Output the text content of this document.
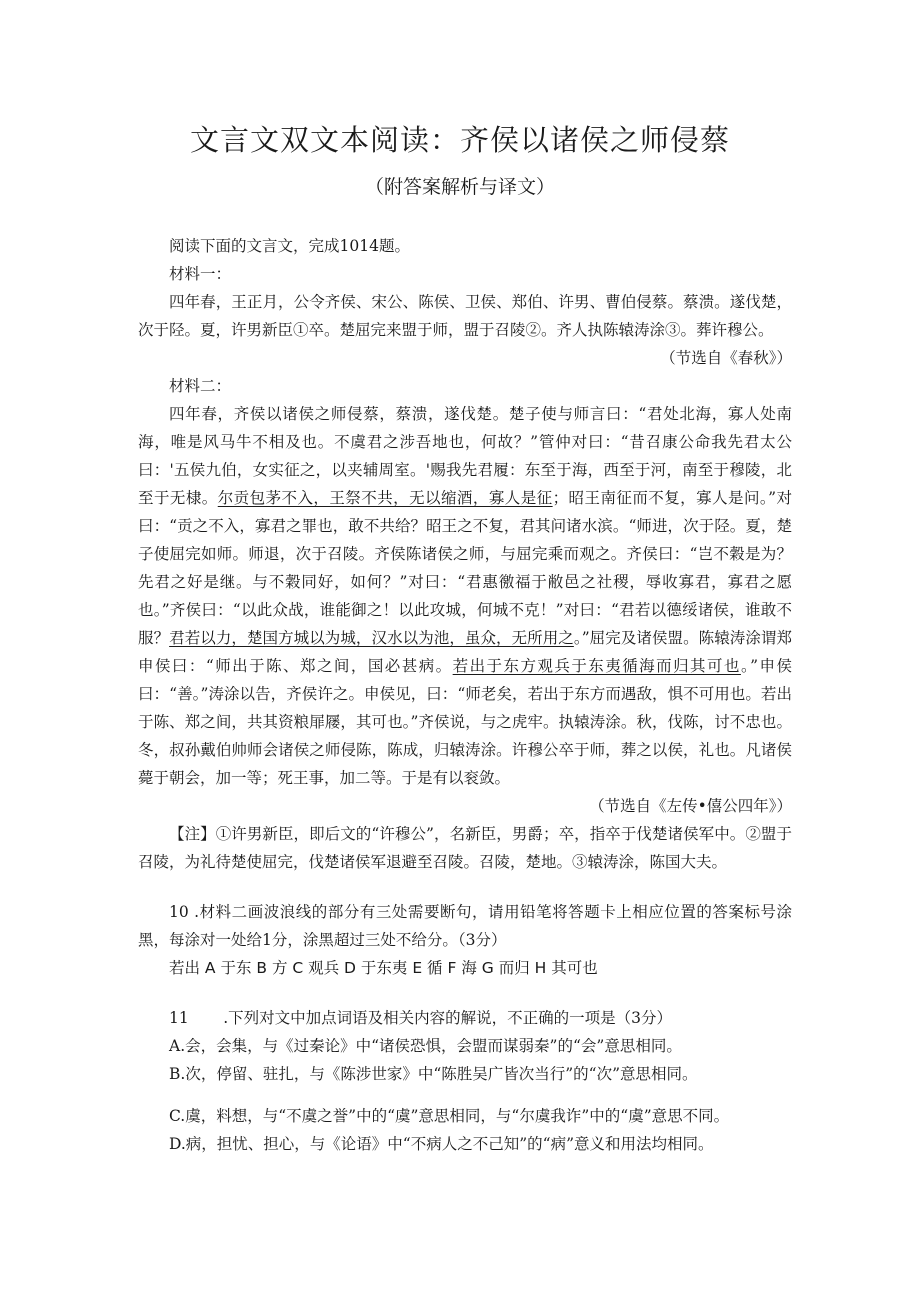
文言文双文本阅读：齐侯以诸侯之师侵蔡
（附答案解析与译文）

阅读下面的文言文，完成1014题。

材料一：

四年春，王正月，公令齐侯、宋公、陈侯、卫侯、郑伯、许男、曹伯侵蔡。蔡溃。遂伐楚，次于陉。夏，许男新臣①卒。楚屈完来盟于师，盟于召陵②。齐人执陈辕涛涂③。葬许穆公。

（节选自《春秋》）

材料二：

四年春，齐侯以诸侯之师侵蔡，蔡溃，遂伐楚。楚子使与师言曰：“君处北海，寡人处南海，唯是风马牛不相及也。不虞君之涉吾地也，何故？”管仲对曰：“昔召康公命我先君太公曰：'五侯九伯，女实征之，以夹辅周室。'赐我先君履：东至于海，西至于河，南至于穆陵，北至于无棣。尔贡包茅不入，王祭不共，无以缩酒，寡人是征；昭王南征而不复，寡人是问。”对曰：“贡之不入，寡君之罪也，敢不共给？昭王之不复，君其问诸水滨。“师进，次于陉。夏，楚子使屈完如师。师退，次于召陵。齐侯陈诸侯之师，与屈完乘而观之。齐侯曰：“岂不穀是为？先君之好是继。与不穀同好，如何？”对曰：“君惠徼福于敝邑之社稷，辱收寡君，寡君之愿也。”齐侯曰：“以此众战，谁能御之！以此攻城，何城不克！”对曰：“君若以德绥诸侯，谁敢不服？君若以力，楚国方城以为城，汉水以为池，虽众，无所用之。”屈完及诸侯盟。陈辕涛涂谓郑申侯曰：“师出于陈、郑之间，国必甚病。若出于东方观兵于东夷循海而归其可也。”申侯曰：“善。”涛涂以告，齐侯许之。申侯见，曰：“师老矣，若出于东方而遇敌，惧不可用也。若出于陈、郑之间，共其资粮屝屦，其可也。”齐侯说，与之虎牢。执辕涛涂。秋，伐陈，讨不忠也。冬，叔孙戴伯帅师会诸侯之师侵陈，陈成，归辕涛涂。许穆公卒于师，葬之以侯，礼也。凡诸侯薨于朝会，加一等；死王事，加二等。于是有以衮敛。

（节选自《左传•僖公四年》）

【注】①许男新臣，即后文的“许穆公”，名新臣，男爵；卒，指卒于伐楚诸侯军中。②盟于召陵，为礼待楚使屈完，伐楚诸侯军退避至召陵。召陵，楚地。③辕涛涂，陈国大夫。

10 .材料二画波浪线的部分有三处需要断句，请用铅笔将答题卡上相应位置的答案标号涂黑，每涂对一处给1分，涂黑超过三处不给分。（3分）

若出 A 于东 B 方 C 观兵 D 于东夷 E 循 F 海 G 而归 H 其可也

11       .下列对文中加点词语及相关内容的解说，不正确的一项是（3分）

A.会，会集，与《过秦论》中“诸侯恐惧，会盟而谋弱秦”的“会”意思相同。

B.次，停留、驻扎，与《陈涉世家》中“陈胜吴广皆次当行”的“次”意思相同。

C.虞，料想，与“不虞之誉”中的“虞”意思相同，与“尔虞我诈”中的“虞”意思不同。

D.病，担忧、担心，与《论语》中“不病人之不己知”的“病”意义和用法均相同。
